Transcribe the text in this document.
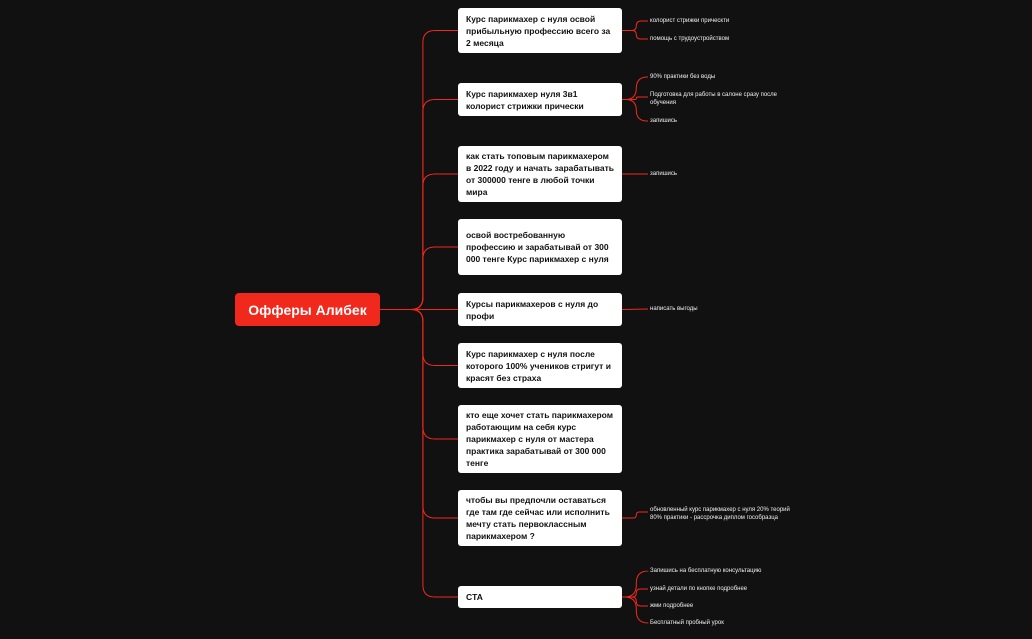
Офферы Алибек
Курс парикмахер с нуля освой прибыльную профессию всего за 2 месяца
Курс парикмахер нуля 3в1 колорист стрижки прически
как стать топовым парикмахером в 2022 году и начать зарабатывать от 300000 тенге в любой точки мира
освой востребованную профессию и зарабатывай от 300 000 тенге Курс парикмахер с нуля
Курсы парикмахеров с нуля до профи
Курс парикмахер с нуля после которого 100% учеников стригут и красят без страха
кто еще хочет стать парикмахером работающим на себя курс парикмахер с нуля от мастера практика зарабатывай от 300 000 тенге
чтобы вы предпочли оставаться где там где сейчас или исполнить мечту стать первоклассным парикмахером ?
CTA
колорист стрижки прическти
помощь с трудоустройством
90% практики без воды
Подготовка для работы в салоне сразу после обучения
запишись
запишись
написать выгоды
обновленный курс парикмахер с нуля 20% теорий 80% практики - рассрочка диплом гособразца
Запишись на бесплатную консультацию
узнай детали по кнопке подробнее
жми подробнее
Бесплатный пробный урок
